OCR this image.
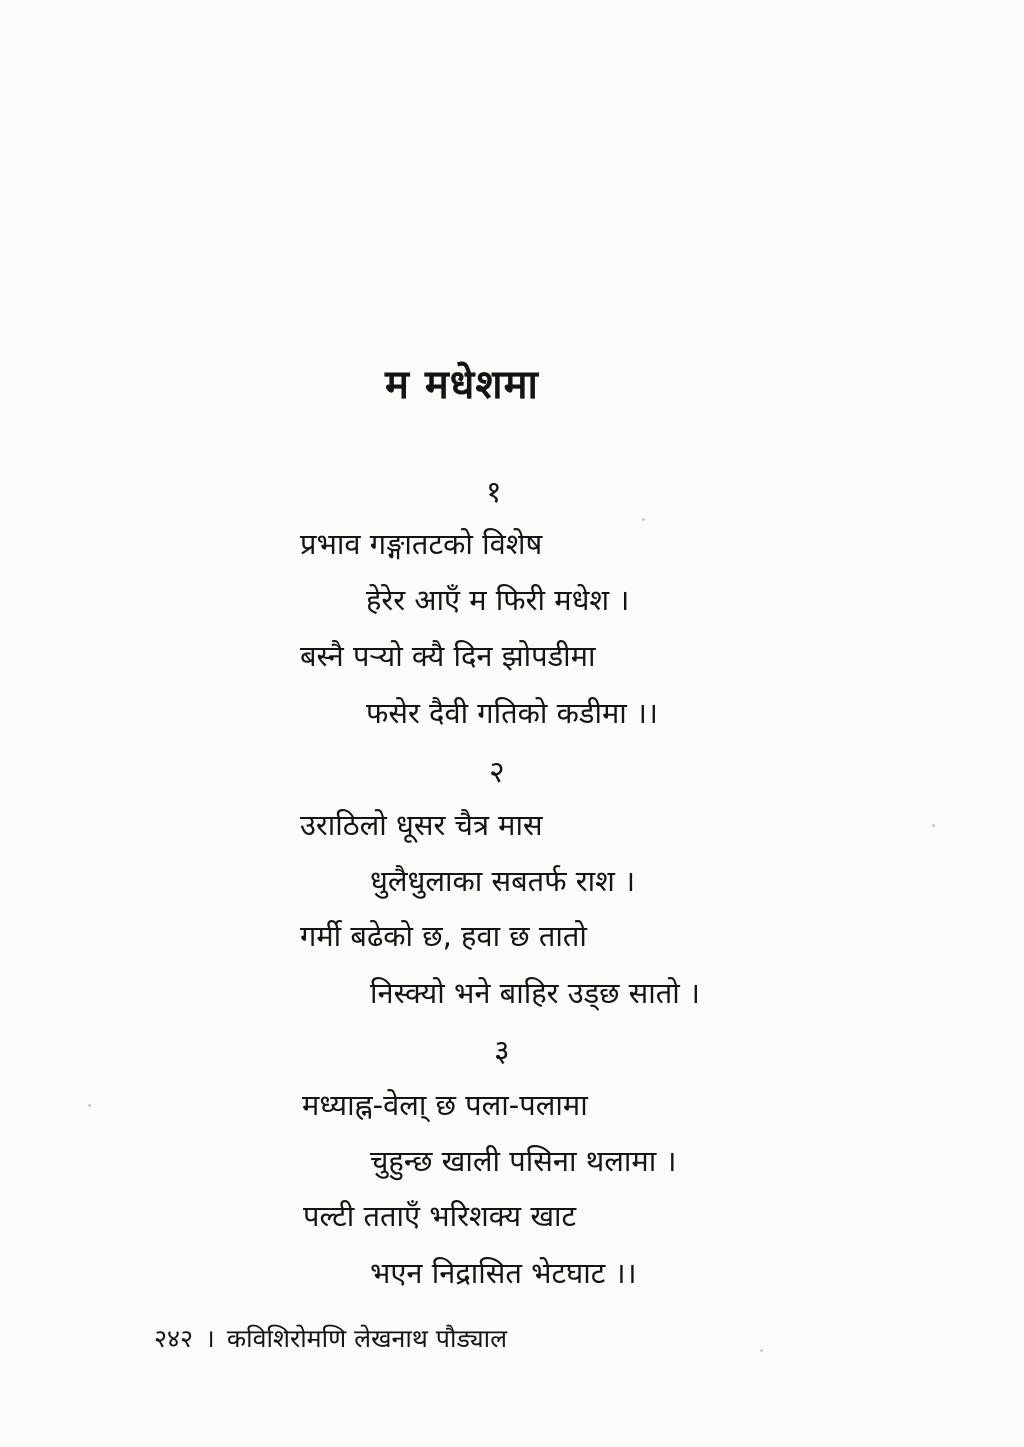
म मधेशमा
१
प्रभाव गङ्गातटको विशेष
हेरेर आएँ म फिरी मधेश ।
बस्नै पऱ्यो क्यै दिन झोपडीमा
फसेर दैवी गतिको कडीमा ।।
२
उराठिलो धूसर चैत्र मास
धुलैधुलाका सबतर्फ राश ।
गर्मी बढेको छ, हवा छ तातो
निस्क्यो भने बाहिर उड्छ सातो ।
३
मध्याह्न-वेला् छ पला-पलामा
चुहुन्छ खाली पसिना थलामा ।
पल्टी तताएँ भरिशक्य खाट
भएन निद्रासित भेटघाट ।।
२४२ । कविशिरोमणि लेखनाथ पौड्याल
